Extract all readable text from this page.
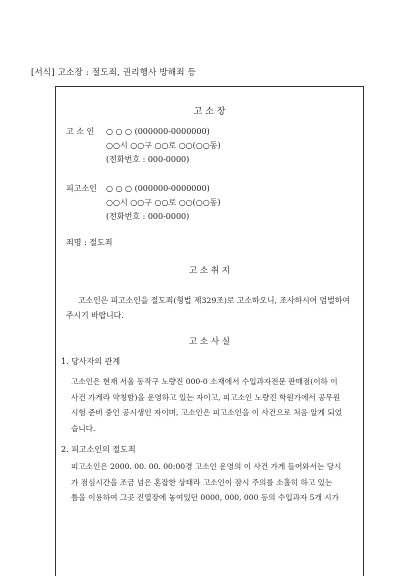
[서식] 고소장 : 절도죄, 권리행사 방해죄 등
고 소 장
고 소 인	○ ○ ○ (000000-0000000)
○○시 ○○구 ○○로 ○○(○○동)
(전화번호 : 000-0000)
피고소인	○ ○ ○ (000000-0000000)
○○시 ○○구 ○○로 ○○(○○동)
(전화번호 : 000-0000)
죄명 : 절도죄
고 소 취 지
고소인은 피고소인을 절도죄(형법 제329조)로 고소하오니, 조사하시어 엄벌하여 주시기 바랍니다.
고 소 사 실
1. 당사자의 관계
고소인은 현재 서울 동작구 노량진 000-0 소재에서 수입과자전문 판매점(이하 이
사건 가게라 약칭함)을 운영하고 있는 자이고, 피고소인 노량진 학원가에서 공무원
시험 준비 중인 공시생인 자이며, 고소인은 피고소인을 이 사건으로 처음 알게 되었
습니다.
2. 피고소인의 절도죄
피고소인은 2000. 00. 00. 00:00경 고소인 운영의 이 사건 가게 들어와서는 당시
가 점심시간을 조금 넘은 혼잡한 상태라 고소인이 잠시 주의를 소홀히 하고 있는
틈을 이용하여 그곳 진열장에 놓여있던 0000, 000, 000 등의 수입과자 5개 시가
